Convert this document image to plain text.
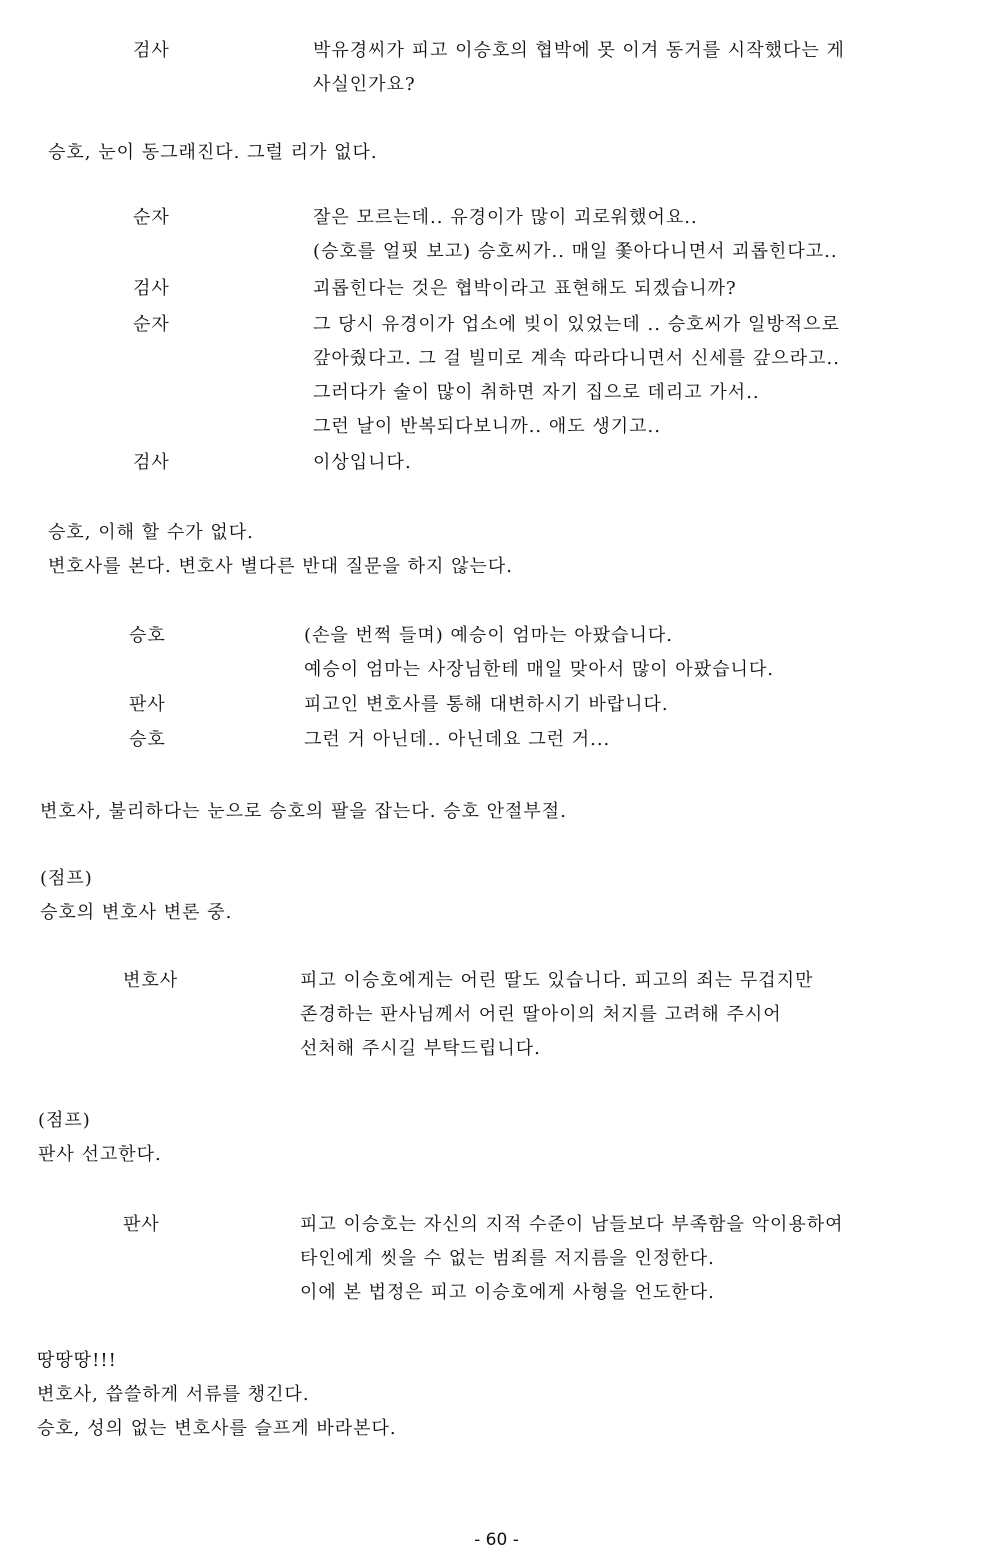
검사	박유경씨가 피고 이승호의 협박에 못 이겨 동거를 시작했다는 게
사실인가요?
승호, 눈이 동그래진다. 그럴 리가 없다.
순자	잘은 모르는데.. 유경이가 많이 괴로워했어요..
(승호를 얼핏 보고) 승호씨가.. 매일 쫓아다니면서 괴롭힌다고..
검사	괴롭힌다는 것은 협박이라고 표현해도 되겠습니까?
순자	그 당시 유경이가 업소에 빚이 있었는데 .. 승호씨가 일방적으로
갚아줬다고. 그 걸 빌미로 계속 따라다니면서 신세를 갚으라고..
그러다가 술이 많이 취하면 자기 집으로 데리고 가서..
그런 날이 반복되다보니까.. 애도 생기고..
검사	이상입니다.
승호, 이해 할 수가 없다.
변호사를 본다. 변호사 별다른 반대 질문을 하지 않는다.
승호	(손을 번쩍 들며) 예승이 엄마는 아팠습니다.
예승이 엄마는 사장님한테 매일 맞아서 많이 아팠습니다.
판사	피고인 변호사를 통해 대변하시기 바랍니다.
승호	그런 거 아닌데.. 아닌데요 그런 거...
변호사, 불리하다는 눈으로 승호의 팔을 잡는다. 승호 안절부절.
(점프)
승호의 변호사 변론 중.
변호사	피고 이승호에게는 어린 딸도 있습니다. 피고의 죄는 무겁지만
존경하는 판사님께서 어린 딸아이의 처지를 고려해 주시어
선처해 주시길 부탁드립니다.
(점프)
판사 선고한다.
판사	피고 이승호는 자신의 지적 수준이 남들보다 부족함을 악이용하여
타인에게 씻을 수 없는 범죄를 저지름을 인정한다.
이에 본 법정은 피고 이승호에게 사형을 언도한다.
땅땅땅!!!
변호사, 씁쓸하게 서류를 챙긴다.
승호, 성의 없는 변호사를 슬프게 바라본다.
- 60 -
